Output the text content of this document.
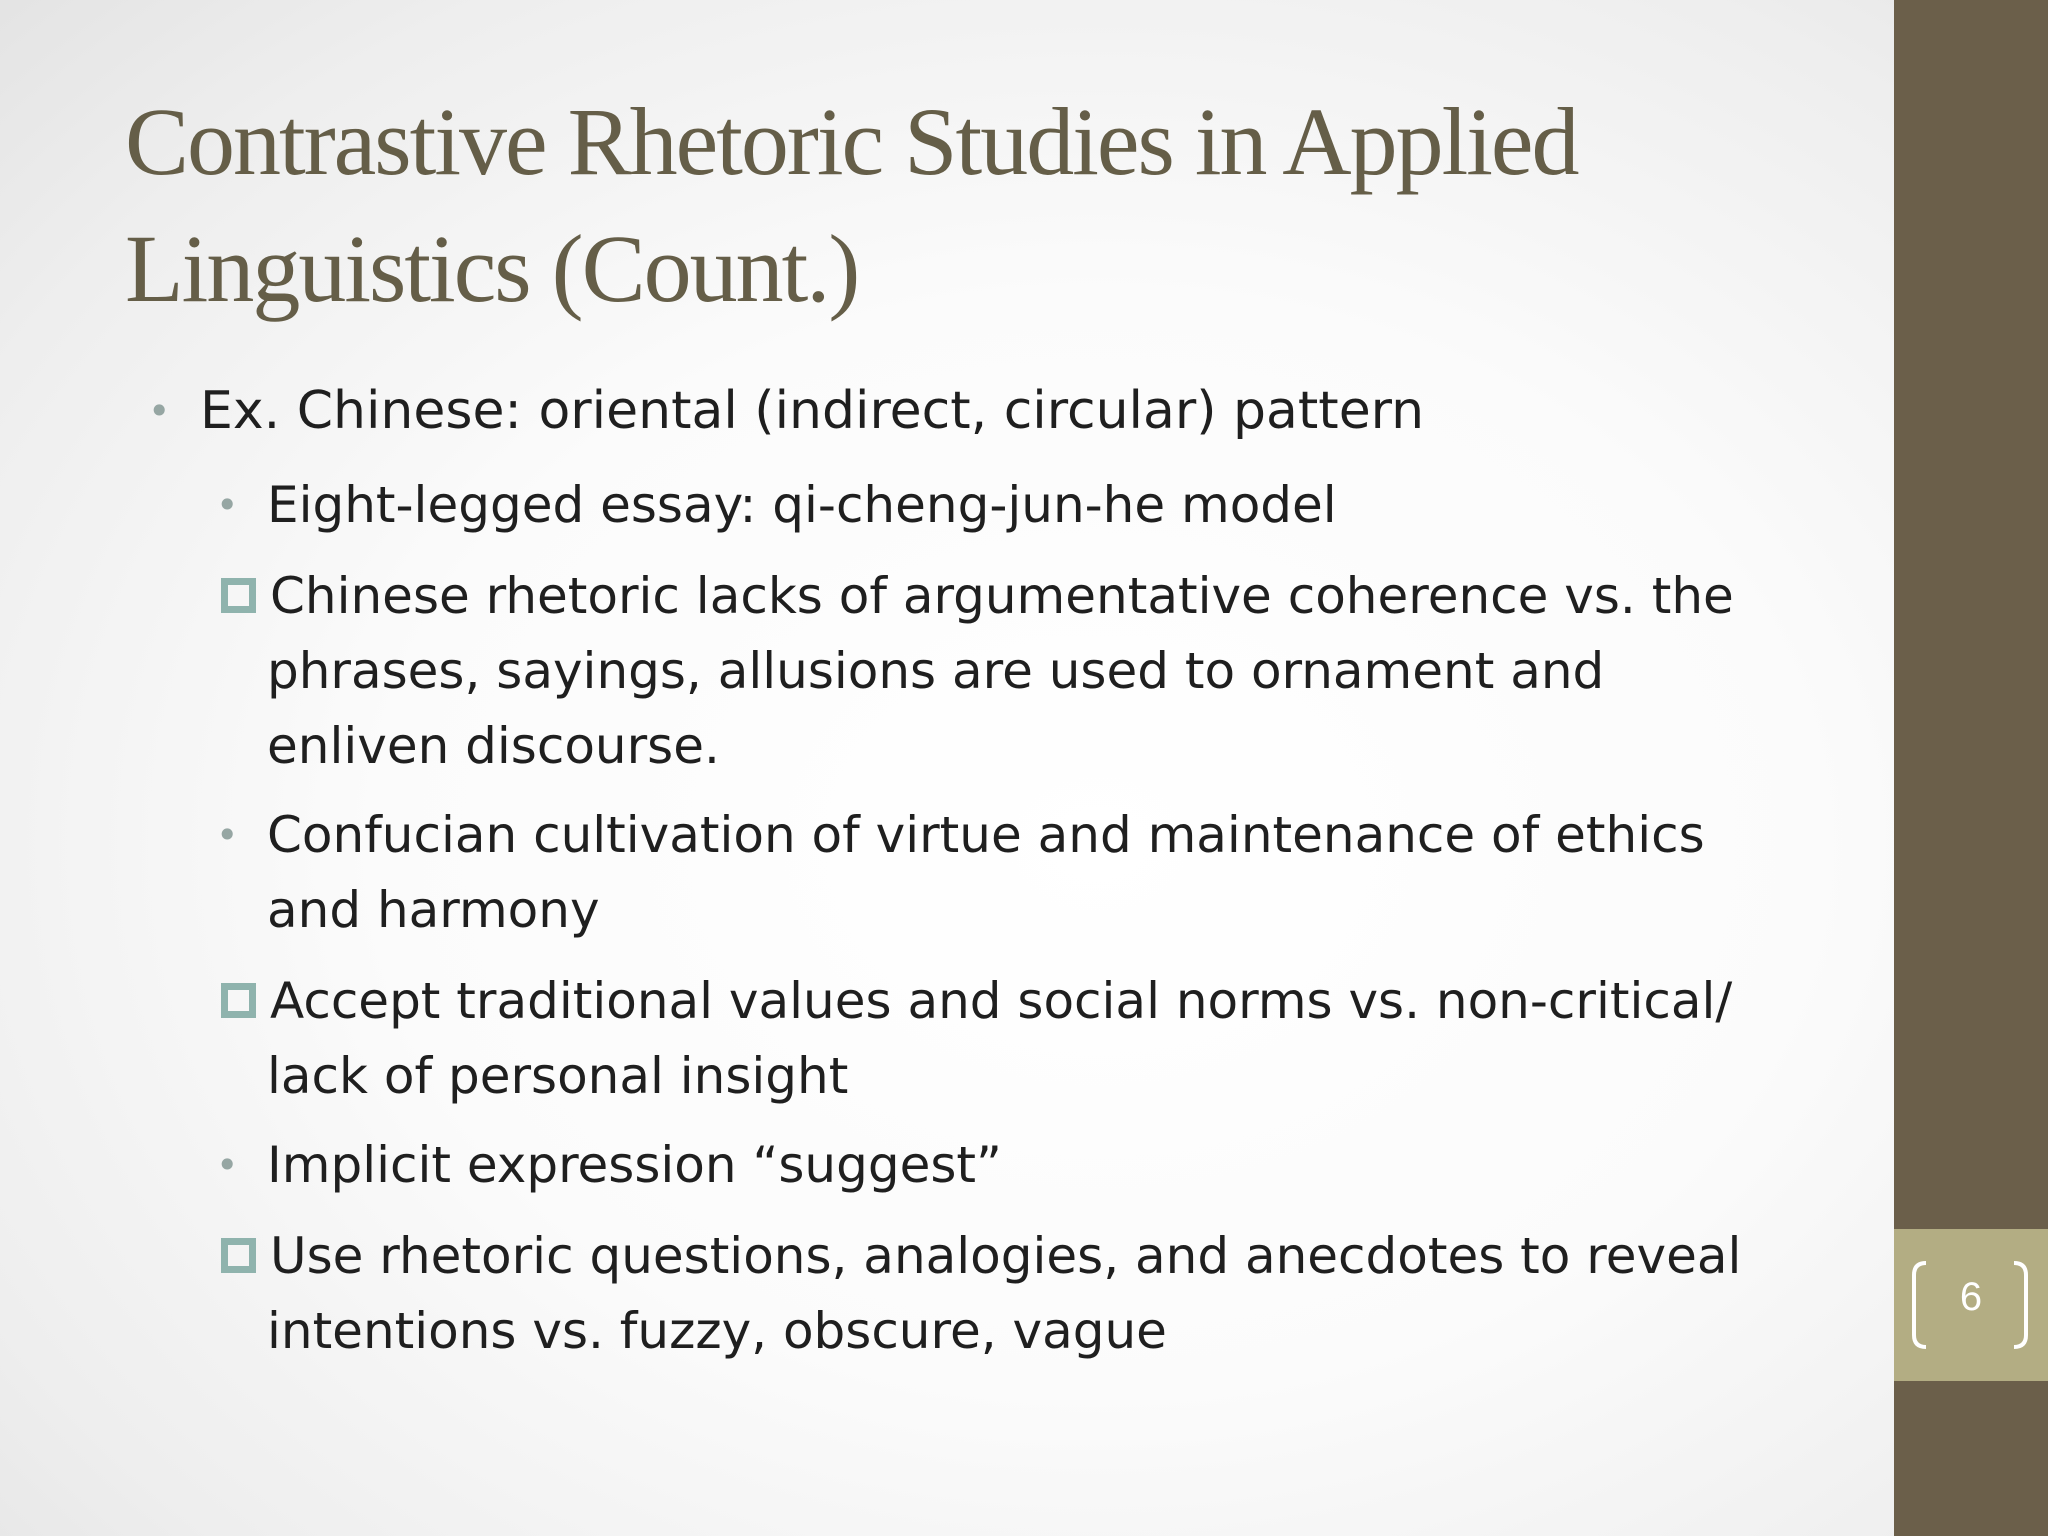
Contrastive Rhetoric Studies in Applied
Linguistics (Count.)
• Ex. Chinese: oriental (indirect, circular) pattern
• Eight-legged essay: qi-cheng-jun-he model
Chinese rhetoric lacks of argumentative coherence vs. the
phrases, sayings, allusions are used to ornament and
enliven discourse.
• Confucian cultivation of virtue and maintenance of ethics
and harmony
Accept traditional values and social norms vs. non-critical/
lack of personal insight
• Implicit expression “suggest”
Use rhetoric questions, analogies, and anecdotes to reveal
intentions vs. fuzzy, obscure, vague
6
